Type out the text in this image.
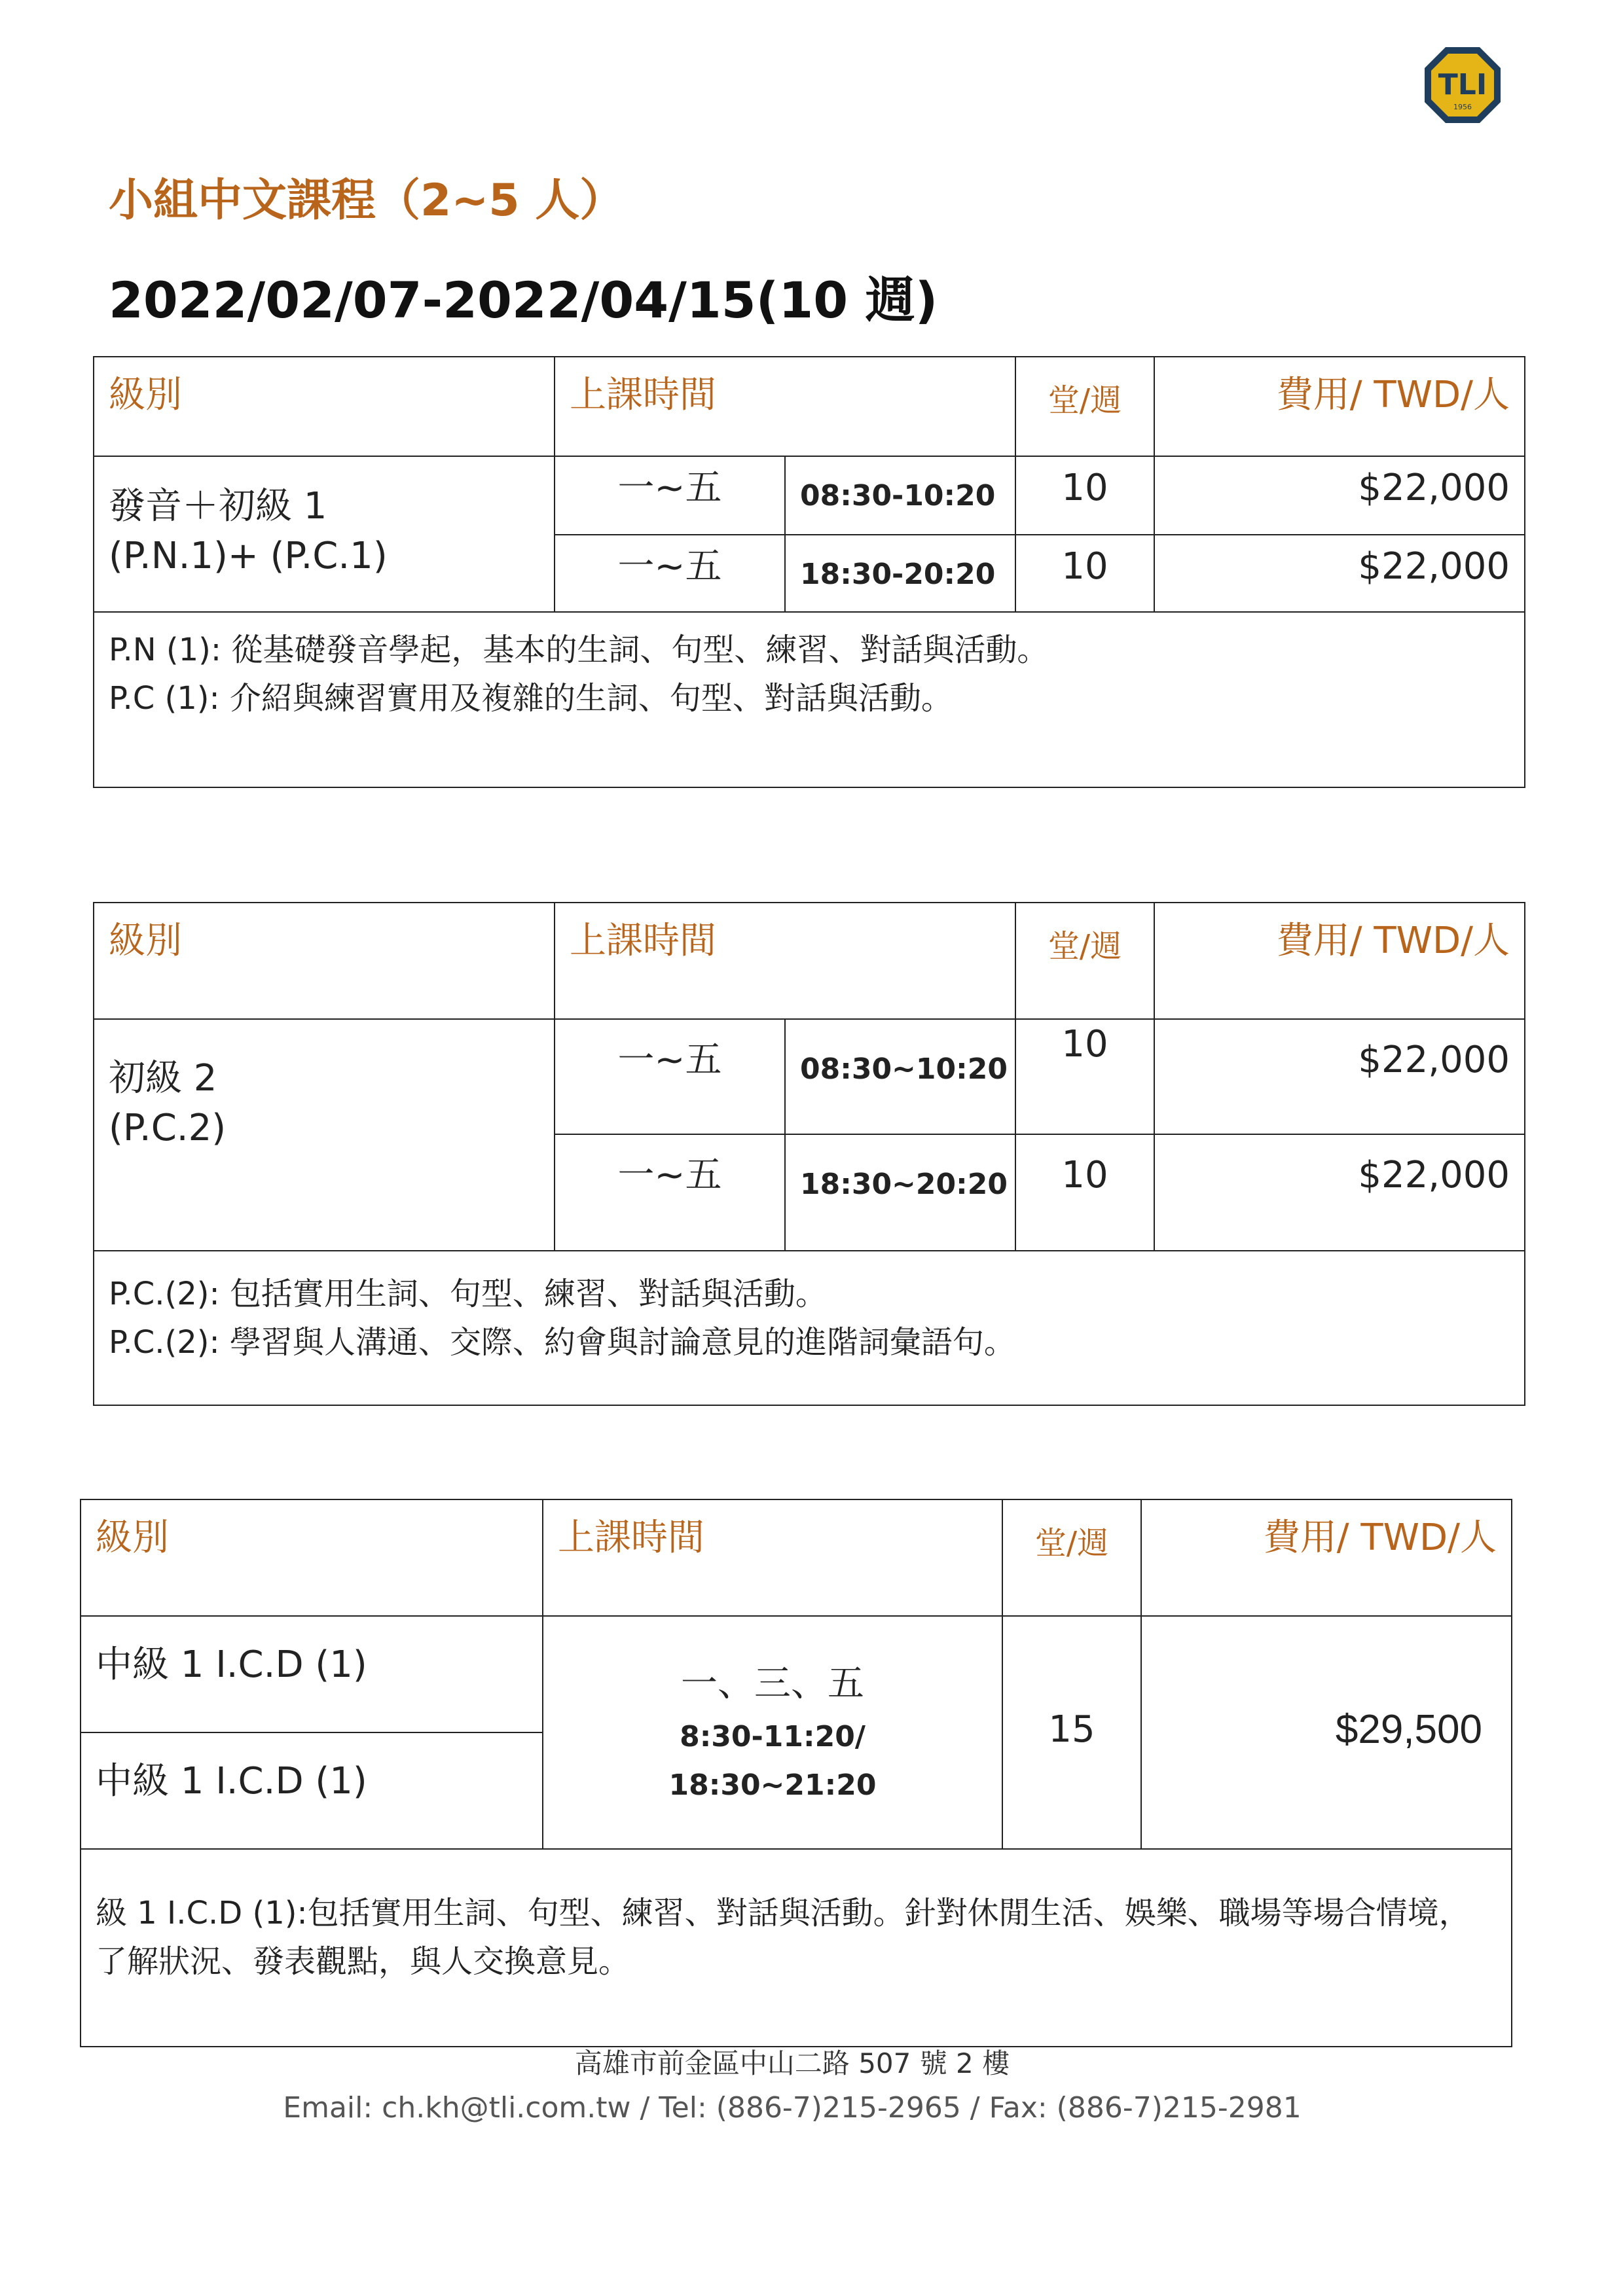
TLI
1956
小組中文課程（2~5 人）
2022/02/07-2022/04/15(10 週)
級別	上課時間		堂/週	費用/ TWD/人

發音＋初級 1
(P.N.1)+ (P.C.1)	一~五	08:30-10:20	10	$22,000
	一~五	18:30-20:20	10	$22,000

P.N (1): 從基礎發音學起，基本的生詞、句型、練習、對話與活動。
P.C (1): 介紹與練習實用及複雜的生詞、句型、對話與活動。				
級別	上課時間		堂/週	費用/ TWD/人

初級 2
(P.C.2)	一~五	08:30~10:20	10	$22,000
	一~五	18:30~20:20	10	$22,000

P.C.(2): 包括實用生詞、句型、練習、對話與活動。
P.C.(2): 學習與人溝通、交際、約會與討論意見的進階詞彙語句。				
級別	上課時間	堂/週	費用/ TWD/人
中級 1 I.C.D (1)	一、三、五
8:30-11:20/
18:30~21:20	15	$29,500
中級 1 I.C.D (1)			

級 1 I.C.D (1):包括實用生詞、句型、練習、對話與活動。針對休閒生活、娛樂、職場等場合情境，了解狀況、發表觀點，與人交換意見。			
高雄市前金區中山二路 507 號 2 樓
Email: ch.kh@tli.com.tw / Tel: (886-7)215-2965 / Fax: (886-7)215-2981
